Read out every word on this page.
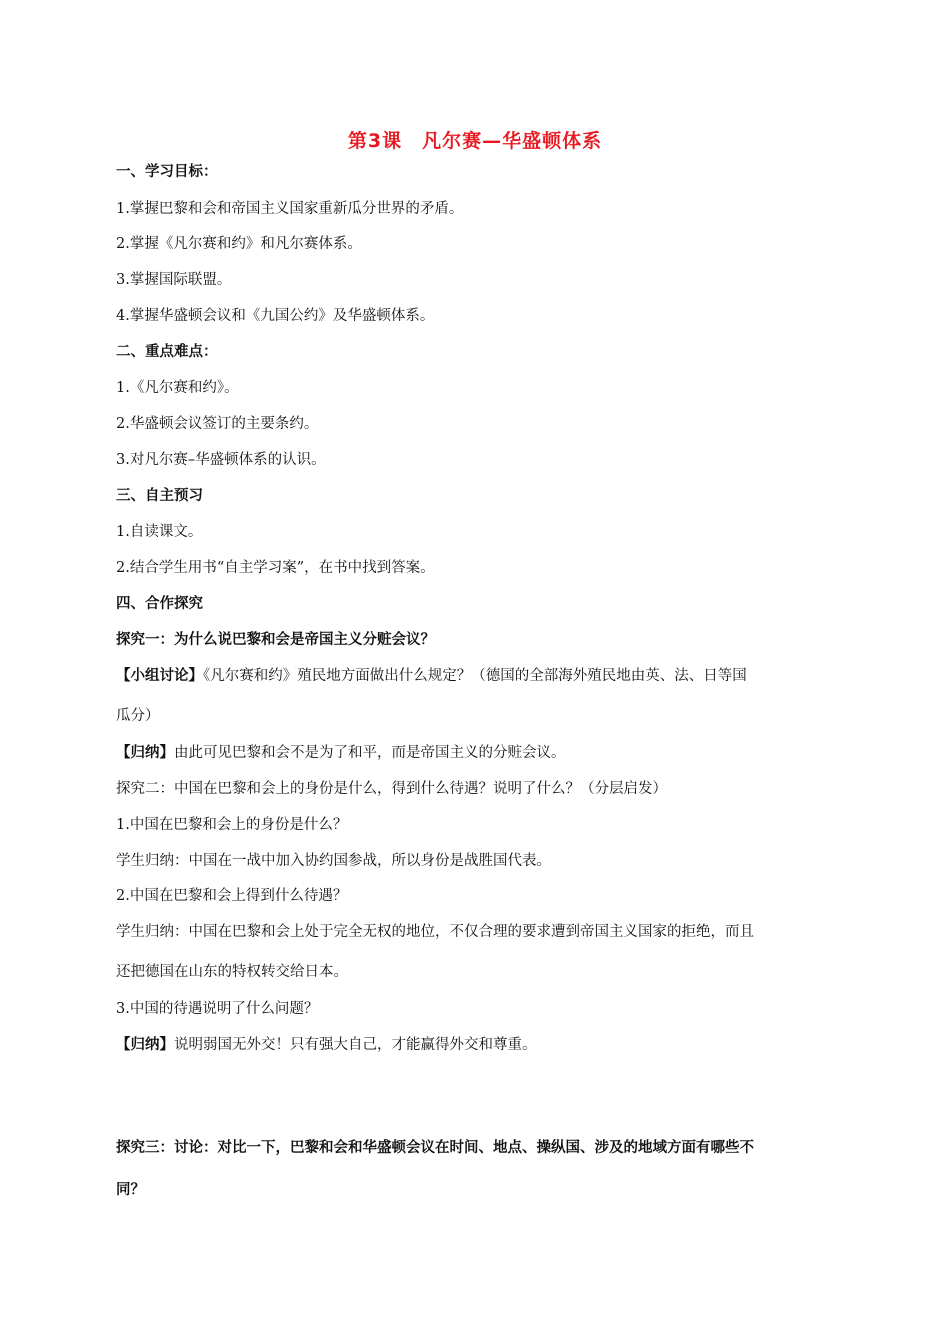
第3课　凡尔赛—华盛顿体系
一、学习目标：
1.掌握巴黎和会和帝国主义国家重新瓜分世界的矛盾。
2.掌握《凡尔赛和约》和凡尔赛体系。
3.掌握国际联盟。
4.掌握华盛顿会议和《九国公约》及华盛顿体系。
二、重点难点：
1.《凡尔赛和约》。
2.华盛顿会议签订的主要条约。
3.对凡尔赛–华盛顿体系的认识。
三、自主预习
1.自读课文。
2.结合学生用书“自主学习案”，在书中找到答案。
四、合作探究
探究一：为什么说巴黎和会是帝国主义分赃会议？
【小组讨论】《凡尔赛和约》殖民地方面做出什么规定？（德国的全部海外殖民地由英、法、日等国
瓜分）
【归纳】由此可见巴黎和会不是为了和平，而是帝国主义的分赃会议。
探究二：中国在巴黎和会上的身份是什么，得到什么待遇？说明了什么？（分层启发）
1.中国在巴黎和会上的身份是什么？
学生归纳：中国在一战中加入协约国参战，所以身份是战胜国代表。
2.中国在巴黎和会上得到什么待遇？
学生归纳：中国在巴黎和会上处于完全无权的地位，不仅合理的要求遭到帝国主义国家的拒绝，而且
还把德国在山东的特权转交给日本。
3.中国的待遇说明了什么问题？
【归纳】说明弱国无外交！只有强大自己，才能赢得外交和尊重。
探究三：讨论：对比一下，巴黎和会和华盛顿会议在时间、地点、操纵国、涉及的地域方面有哪些不
同？
